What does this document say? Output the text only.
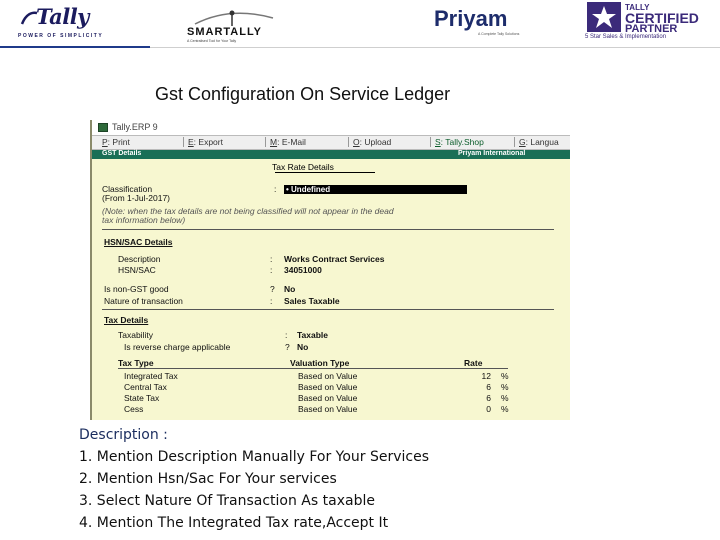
Tally
POWER OF SIMPLICITY	SMARTALLY
A Centralised Tool for Your Tally
Priyam
A Complete Tally Solutions
TALLY
CERTIFIED
PARTNER
5 Star Sales & Implementation
Gst Configuration On Service Ledger
Tally.ERP 9
P: Print	E: Export	M: E-Mail	O: Upload	S: Tally.Shop	G: Langua
GST Details	Priyam International
Tax Rate Details
Classification
(From 1-Jul-2017)
: • Undefined
(Note: when the tax details are not being classified will not appear in the dead
tax information below)
HSN/SAC Details
Description	: Works Contract Services
HSN/SAC	: 34051000
Is non-GST good	? No
Nature of transaction	: Sales Taxable
Tax Details
Taxability	: Taxable
Is reverse charge applicable	? No
Tax Type	Valuation Type	Rate
Integrated Tax	Based on Value	12 %
Central Tax	Based on Value	6 %
State Tax	Based on Value	6 %
Cess	Based on Value	0 %
Description :
1. Mention Description Manually For Your Services
2. Mention Hsn/Sac For Your services
3. Select Nature Of Transaction As taxable
4. Mention The Integrated Tax rate,Accept It
